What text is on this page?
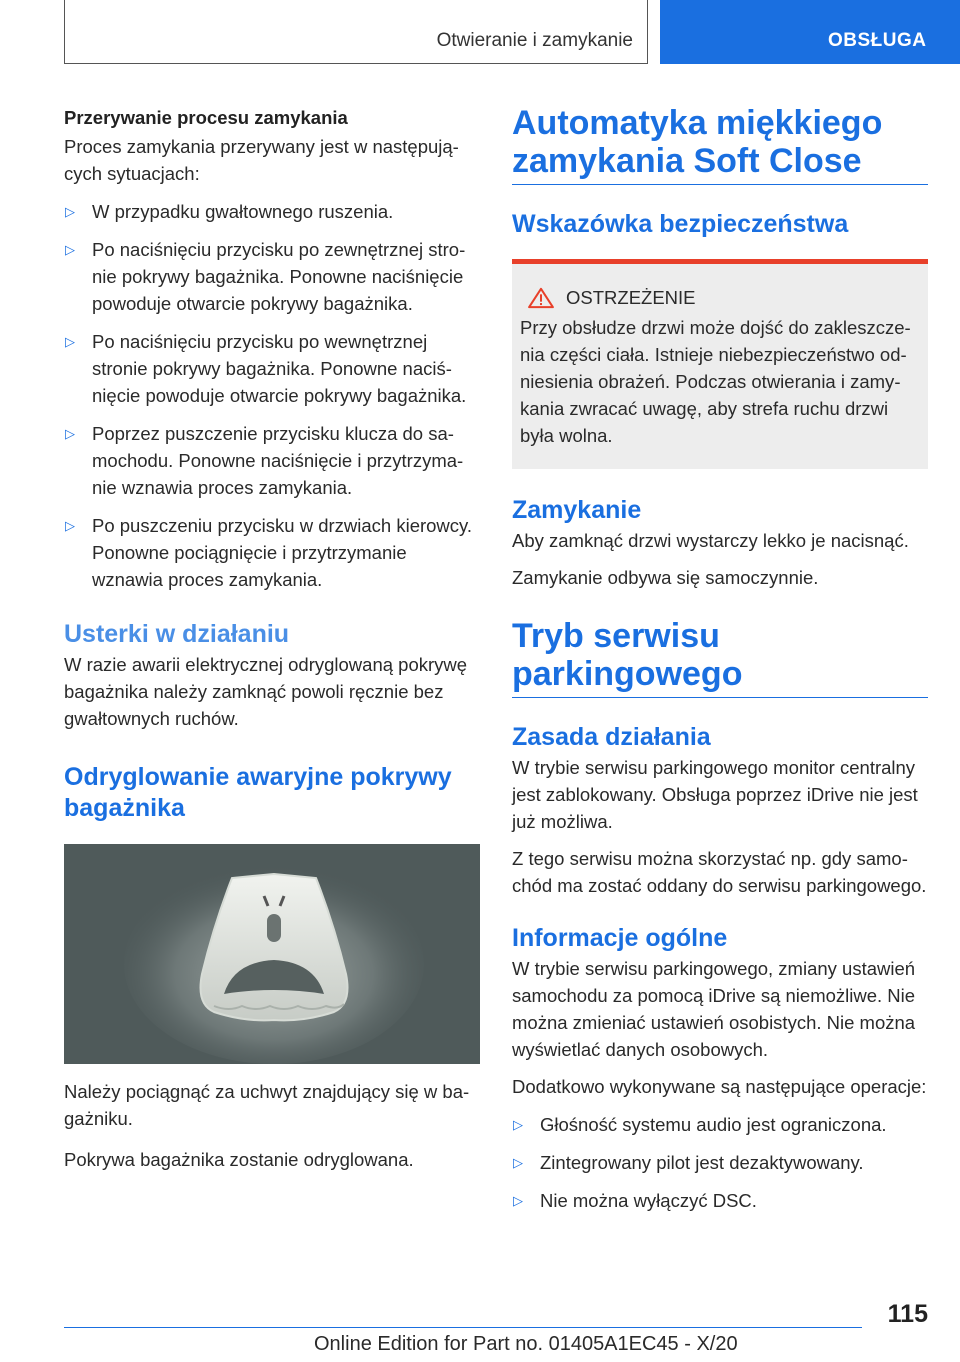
Otwieranie i zamykanie	OBSŁUGA
Przerywanie procesu zamykania

Proces zamykania przerywany jest w następujących sytuacjach:

▷ W przypadku gwałtownego ruszenia.
▷ Po naciśnięciu przycisku po zewnętrznej stronie pokrywy bagażnika. Ponowne naciśnięcie powoduje otwarcie pokrywy bagażnika.
▷ Po naciśnięciu przycisku po wewnętrznej stronie pokrywy bagażnika. Ponowne naciśnięcie powoduje otwarcie pokrywy bagażnika.
▷ Poprzez puszczenie przycisku klucza do samochodu. Ponowne naciśnięcie i przytrzymanie wznawia proces zamykania.
▷ Po puszczeniu przycisku w drzwiach kierowcy. Ponowne pociągnięcie i przytrzymanie wznawia proces zamykania.
Usterki w działaniu

W razie awarii elektrycznej odryglowaną pokrywę bagażnika należy zamknąć powoli ręcznie bez gwałtownych ruchów.

Odryglowanie awaryjne pokrywy bagażnika

Należy pociągnąć za uchwyt znajdujący się w bagażniku.

Pokrywa bagażnika zostanie odryglowana.

Automatyka miękkiego zamykania Soft Close
Wskazówka bezpieczeństwa
OSTRZEŻENIE

Przy obsłudze drzwi może dojść do zakleszczenia części ciała. Istnieje niebezpieczeństwo odniesienia obrażeń. Podczas otwierania i zamykania zwracać uwagę, aby strefa ruchu drzwi była wolna.

Zamykanie

Aby zamknąć drzwi wystarczy lekko je nacisnąć.

Zamykanie odbywa się samoczynnie.

Tryb serwisu parkingowego
Zasada działania

W trybie serwisu parkingowego monitor centralny jest zablokowany. Obsługa poprzez iDrive nie jest już możliwa.

Z tego serwisu można skorzystać np. gdy samochód ma zostać oddany do serwisu parkingowego.

Informacje ogólne

W trybie serwisu parkingowego, zmiany ustawień samochodu za pomocą iDrive są niemożliwe. Nie można zmieniać ustawień osobistych. Nie można wyświetlać danych osobowych.

Dodatkowo wykonywane są następujące operacje:

▷ Głośność systemu audio jest ograniczona.
▷ Zintegrowany pilot jest dezaktywowany.
▷ Nie można wyłączyć DSC.
115
Online Edition for Part no. 01405A1EC45 - X/20
